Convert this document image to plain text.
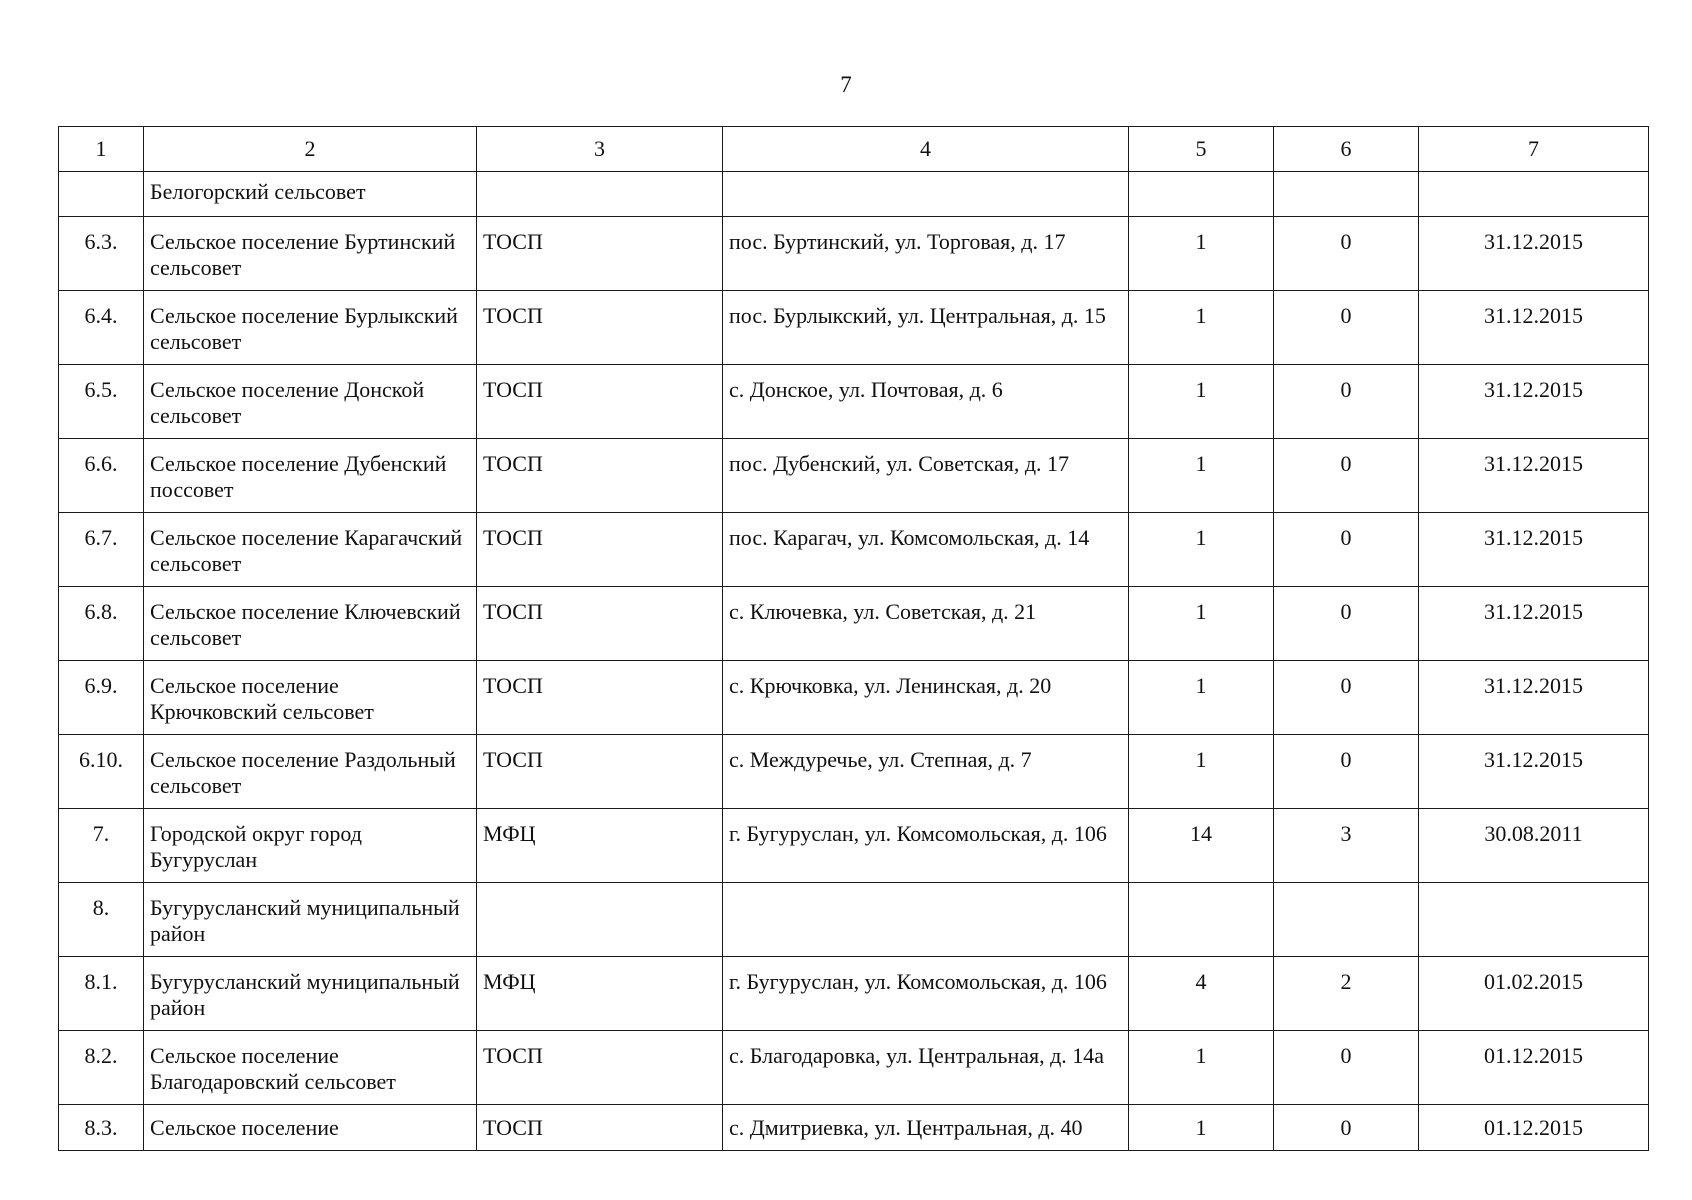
7
1	2	3	4	5	6	7
	Белогорский сельсовет					
6.3.	Сельское поселение Буртинский сельсовет	ТОСП	пос. Буртинский, ул. Торговая, д. 17	1	0	31.12.2015
6.4.	Сельское поселение Бурлыкский сельсовет	ТОСП	пос. Бурлыкский, ул. Центральная, д. 15	1	0	31.12.2015
6.5.	Сельское поселение Донской сельсовет	ТОСП	с. Донское, ул. Почтовая, д. 6	1	0	31.12.2015
6.6.	Сельское поселение Дубенский поссовет	ТОСП	пос. Дубенский, ул. Советская, д. 17	1	0	31.12.2015
6.7.	Сельское поселение Карагачский сельсовет	ТОСП	пос. Карагач, ул. Комсомольская, д. 14	1	0	31.12.2015
6.8.	Сельское поселение Ключевский сельсовет	ТОСП	с. Ключевка, ул. Советская, д. 21	1	0	31.12.2015
6.9.	Сельское поселение Крючковский сельсовет	ТОСП	с. Крючковка, ул. Ленинская, д. 20	1	0	31.12.2015
6.10.	Сельское поселение Раздольный сельсовет	ТОСП	с. Междуречье, ул. Степная, д. 7	1	0	31.12.2015
7.	Городской округ город Бугуруслан	МФЦ	г. Бугуруслан, ул. Комсомольская, д. 106	14	3	30.08.2011
8.	Бугурусланский муниципальный район					
8.1.	Бугурусланский муниципальный район	МФЦ	г. Бугуруслан, ул. Комсомольская, д. 106	4	2	01.02.2015
8.2.	Сельское поселение Благодаровский сельсовет	ТОСП	с. Благодаровка, ул. Центральная, д. 14а	1	0	01.12.2015
8.3.	Сельское поселение	ТОСП	с. Дмитриевка, ул. Центральная, д. 40	1	0	01.12.2015
